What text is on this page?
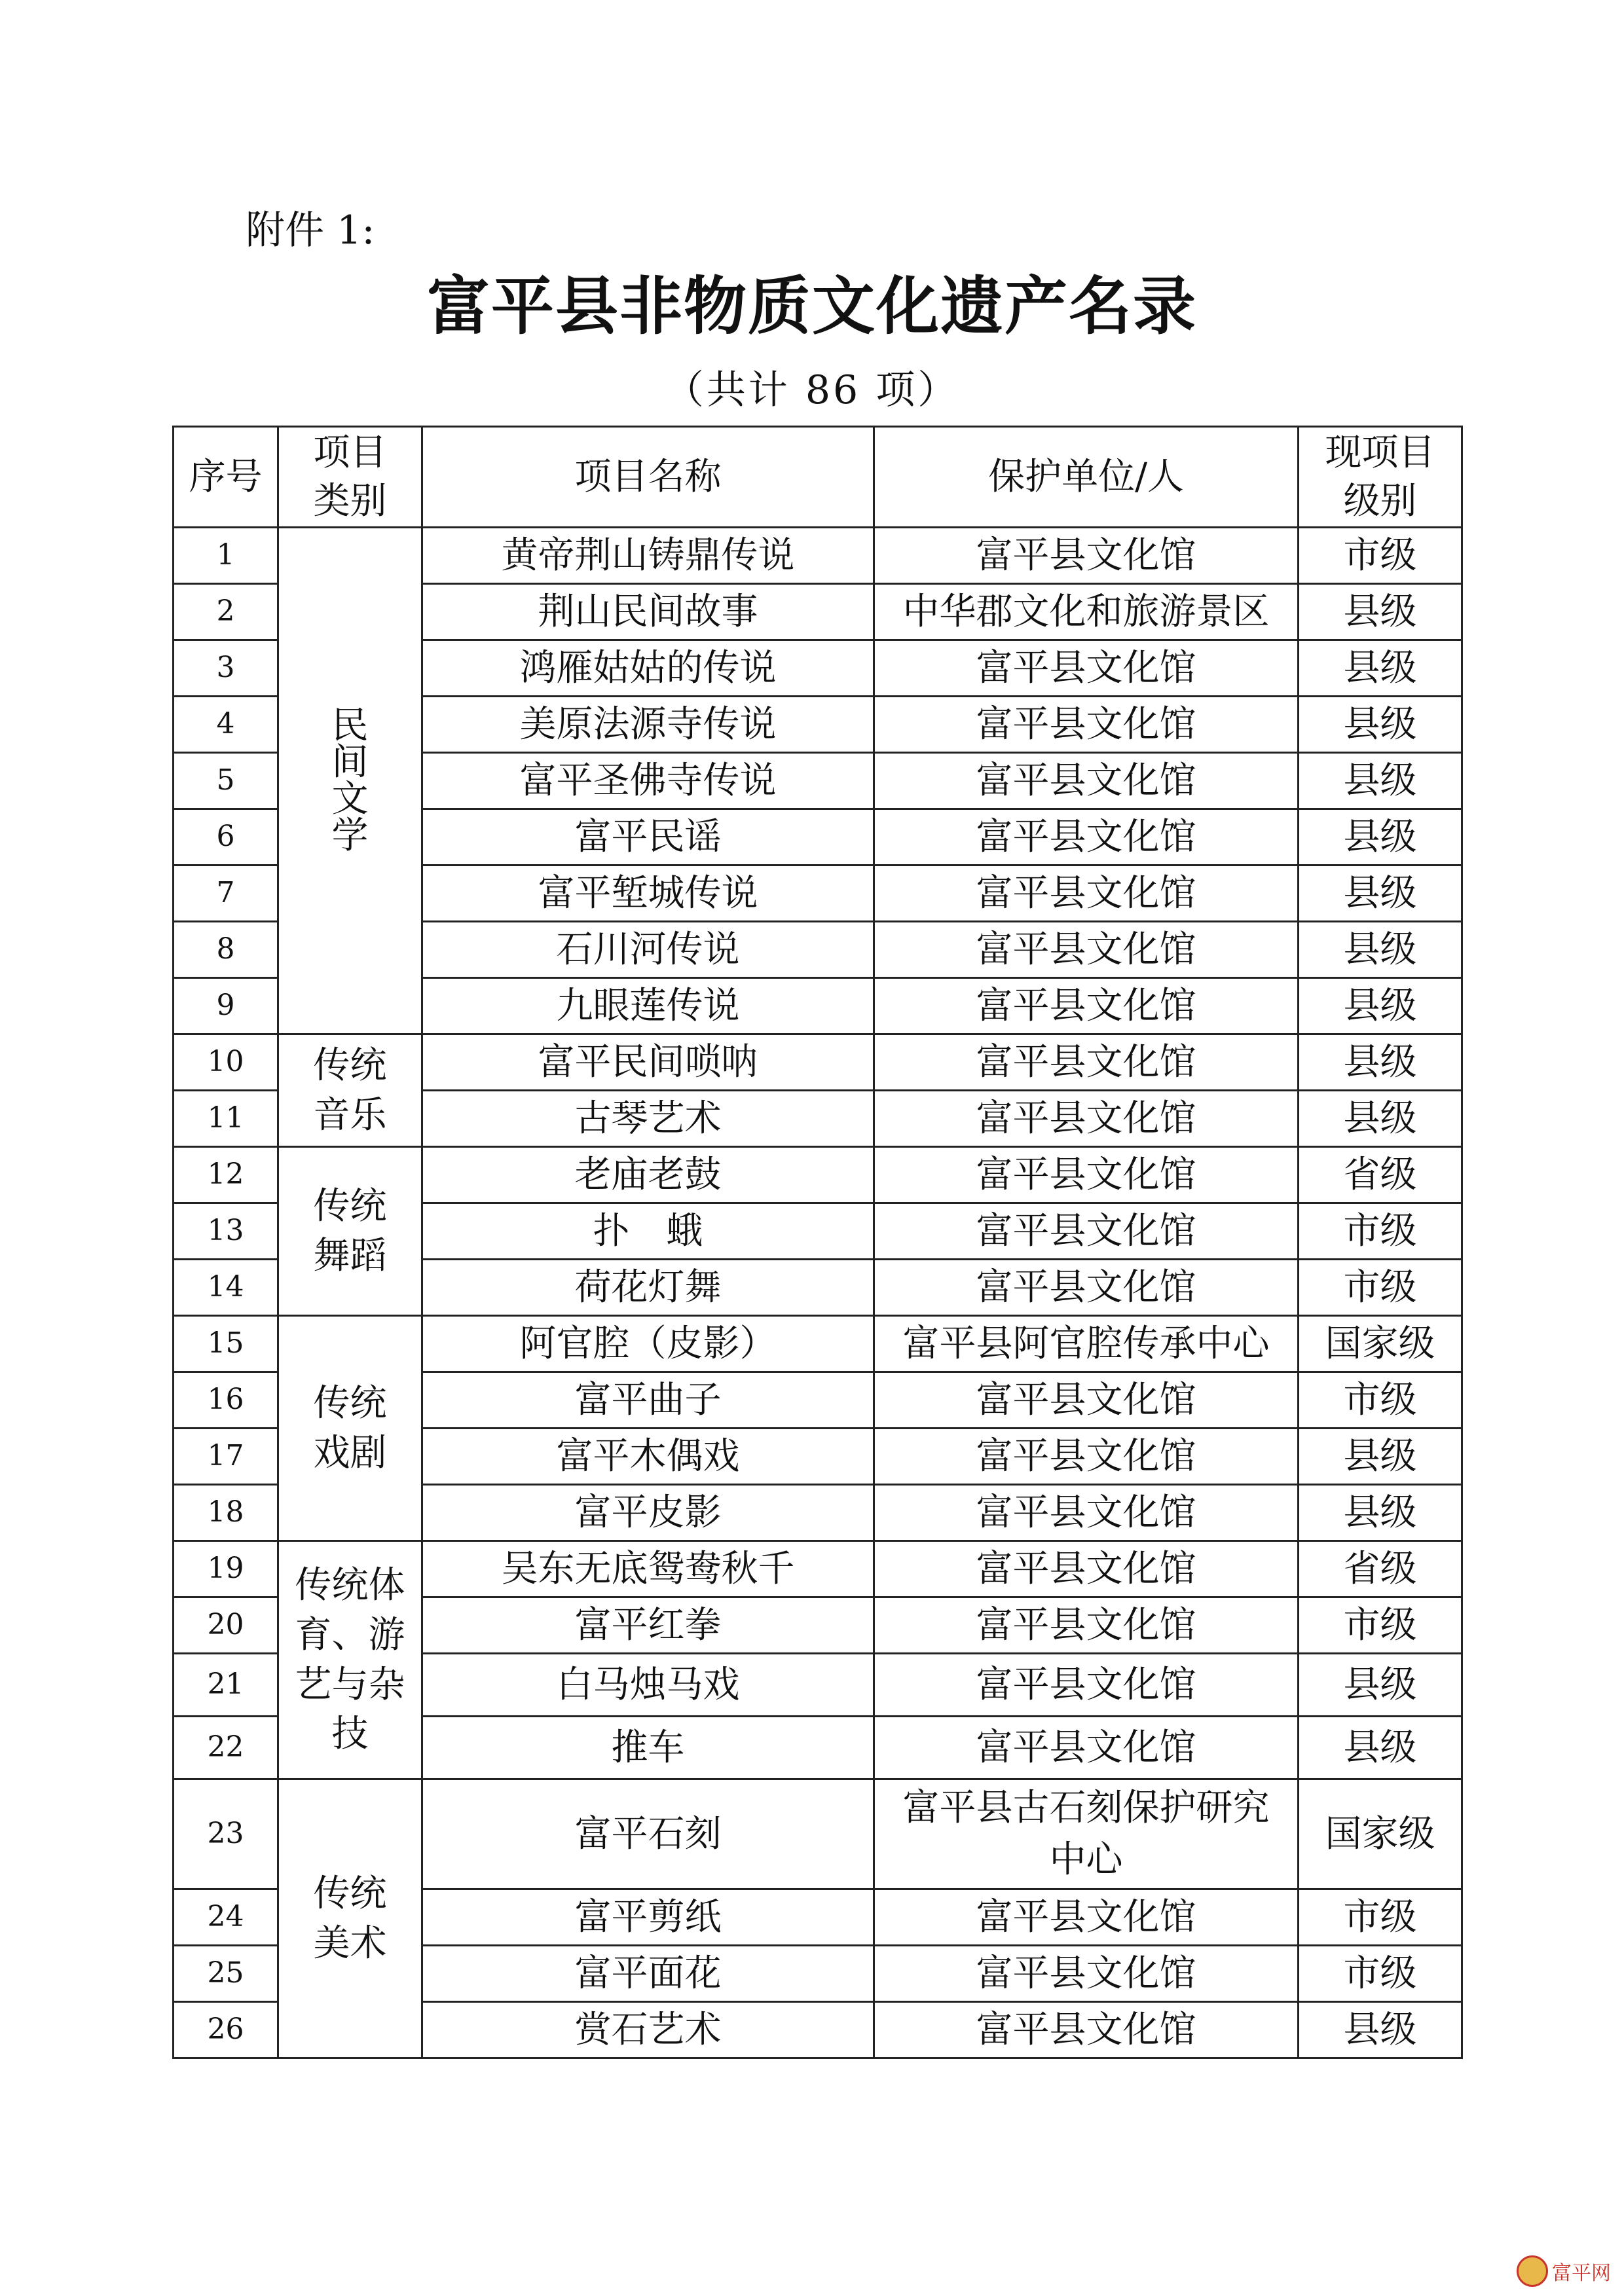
附件 1:
富平县非物质文化遗产名录
（共计 86 项）
序号	项目类别	项目名称	保护单位/人	现项目级别
1	民间文学	黄帝荆山铸鼎传说	富平县文化馆	市级
2		荆山民间故事	中华郡文化和旅游景区	县级
3		鸿雁姑姑的传说	富平县文化馆	县级
4		美原法源寺传说	富平县文化馆	县级
5		富平圣佛寺传说	富平县文化馆	县级
6		富平民谣	富平县文化馆	县级
7		富平堑城传说	富平县文化馆	县级
8		石川河传说	富平县文化馆	县级
9		九眼莲传说	富平县文化馆	县级
10	传统音乐	富平民间唢呐	富平县文化馆	县级
11		古琴艺术	富平县文化馆	县级
12	传统舞蹈	老庙老鼓	富平县文化馆	省级
13		扑　蛾	富平县文化馆	市级
14		荷花灯舞	富平县文化馆	市级
15	传统戏剧	阿官腔（皮影）	富平县阿官腔传承中心	国家级
16		富平曲子	富平县文化馆	市级
17		富平木偶戏	富平县文化馆	县级
18		富平皮影	富平县文化馆	县级
19	传统体育、游艺与杂技	吴东无底鸳鸯秋千	富平县文化馆	省级
20		富平红拳	富平县文化馆	市级
21		白马烛马戏	富平县文化馆	县级
22		推车	富平县文化馆	县级
23	传统美术	富平石刻	富平县古石刻保护研究中心	国家级
24		富平剪纸	富平县文化馆	市级
25		富平面花	富平县文化馆	市级
26		赏石艺术	富平县文化馆	县级
富平网
